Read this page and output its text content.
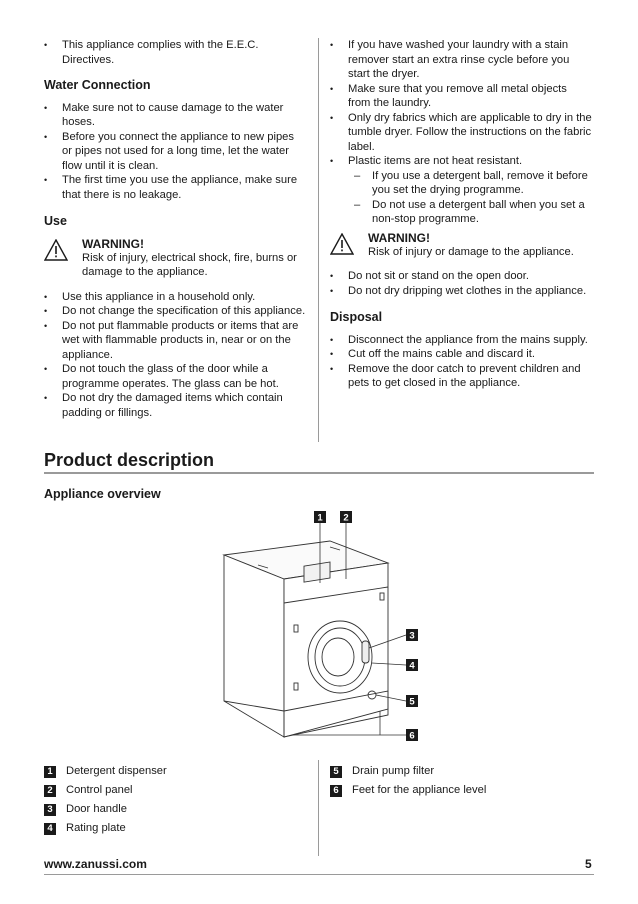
• This appliance complies with the E.E.C. Directives.
Water Connection
• Make sure not to cause damage to the water hoses.
• Before you connect the appliance to new pipes or pipes not used for a long time, let the water flow until it is clean.
• The first time you use the appliance, make sure that there is no leakage.
Use
WARNING!
Risk of injury, electrical shock, fire, burns or damage to the appliance.
• Use this appliance in a household only.
• Do not change the specification of this appliance.
• Do not put flammable products or items that are wet with flammable products in, near or on the appliance.
• Do not touch the glass of the door while a programme operates. The glass can be hot.
• Do not dry the damaged items which contain padding or fillings.
• If you have washed your laundry with a stain remover start an extra rinse cycle before you start the dryer.
• Make sure that you remove all metal objects from the laundry.
• Only dry fabrics which are applicable to dry in the tumble dryer. Follow the instructions on the fabric label.
• Plastic items are not heat resistant.
– If you use a detergent ball, remove it before you set the drying programme.
– Do not use a detergent ball when you set a non-stop programme.
WARNING!
Risk of injury or damage to the appliance.
• Do not sit or stand on the open door.
• Do not dry dripping wet clothes in the appliance.
Disposal
• Disconnect the appliance from the mains supply.
• Cut off the mains cable and discard it.
• Remove the door catch to prevent children and pets to get closed in the appliance.
Product description
Appliance overview
1 2
3
4
5
6
1 Detergent dispenser
2 Control panel
3 Door handle
4 Rating plate
5 Drain pump filter
6 Feet for the appliance level
www.zanussi.com	5
